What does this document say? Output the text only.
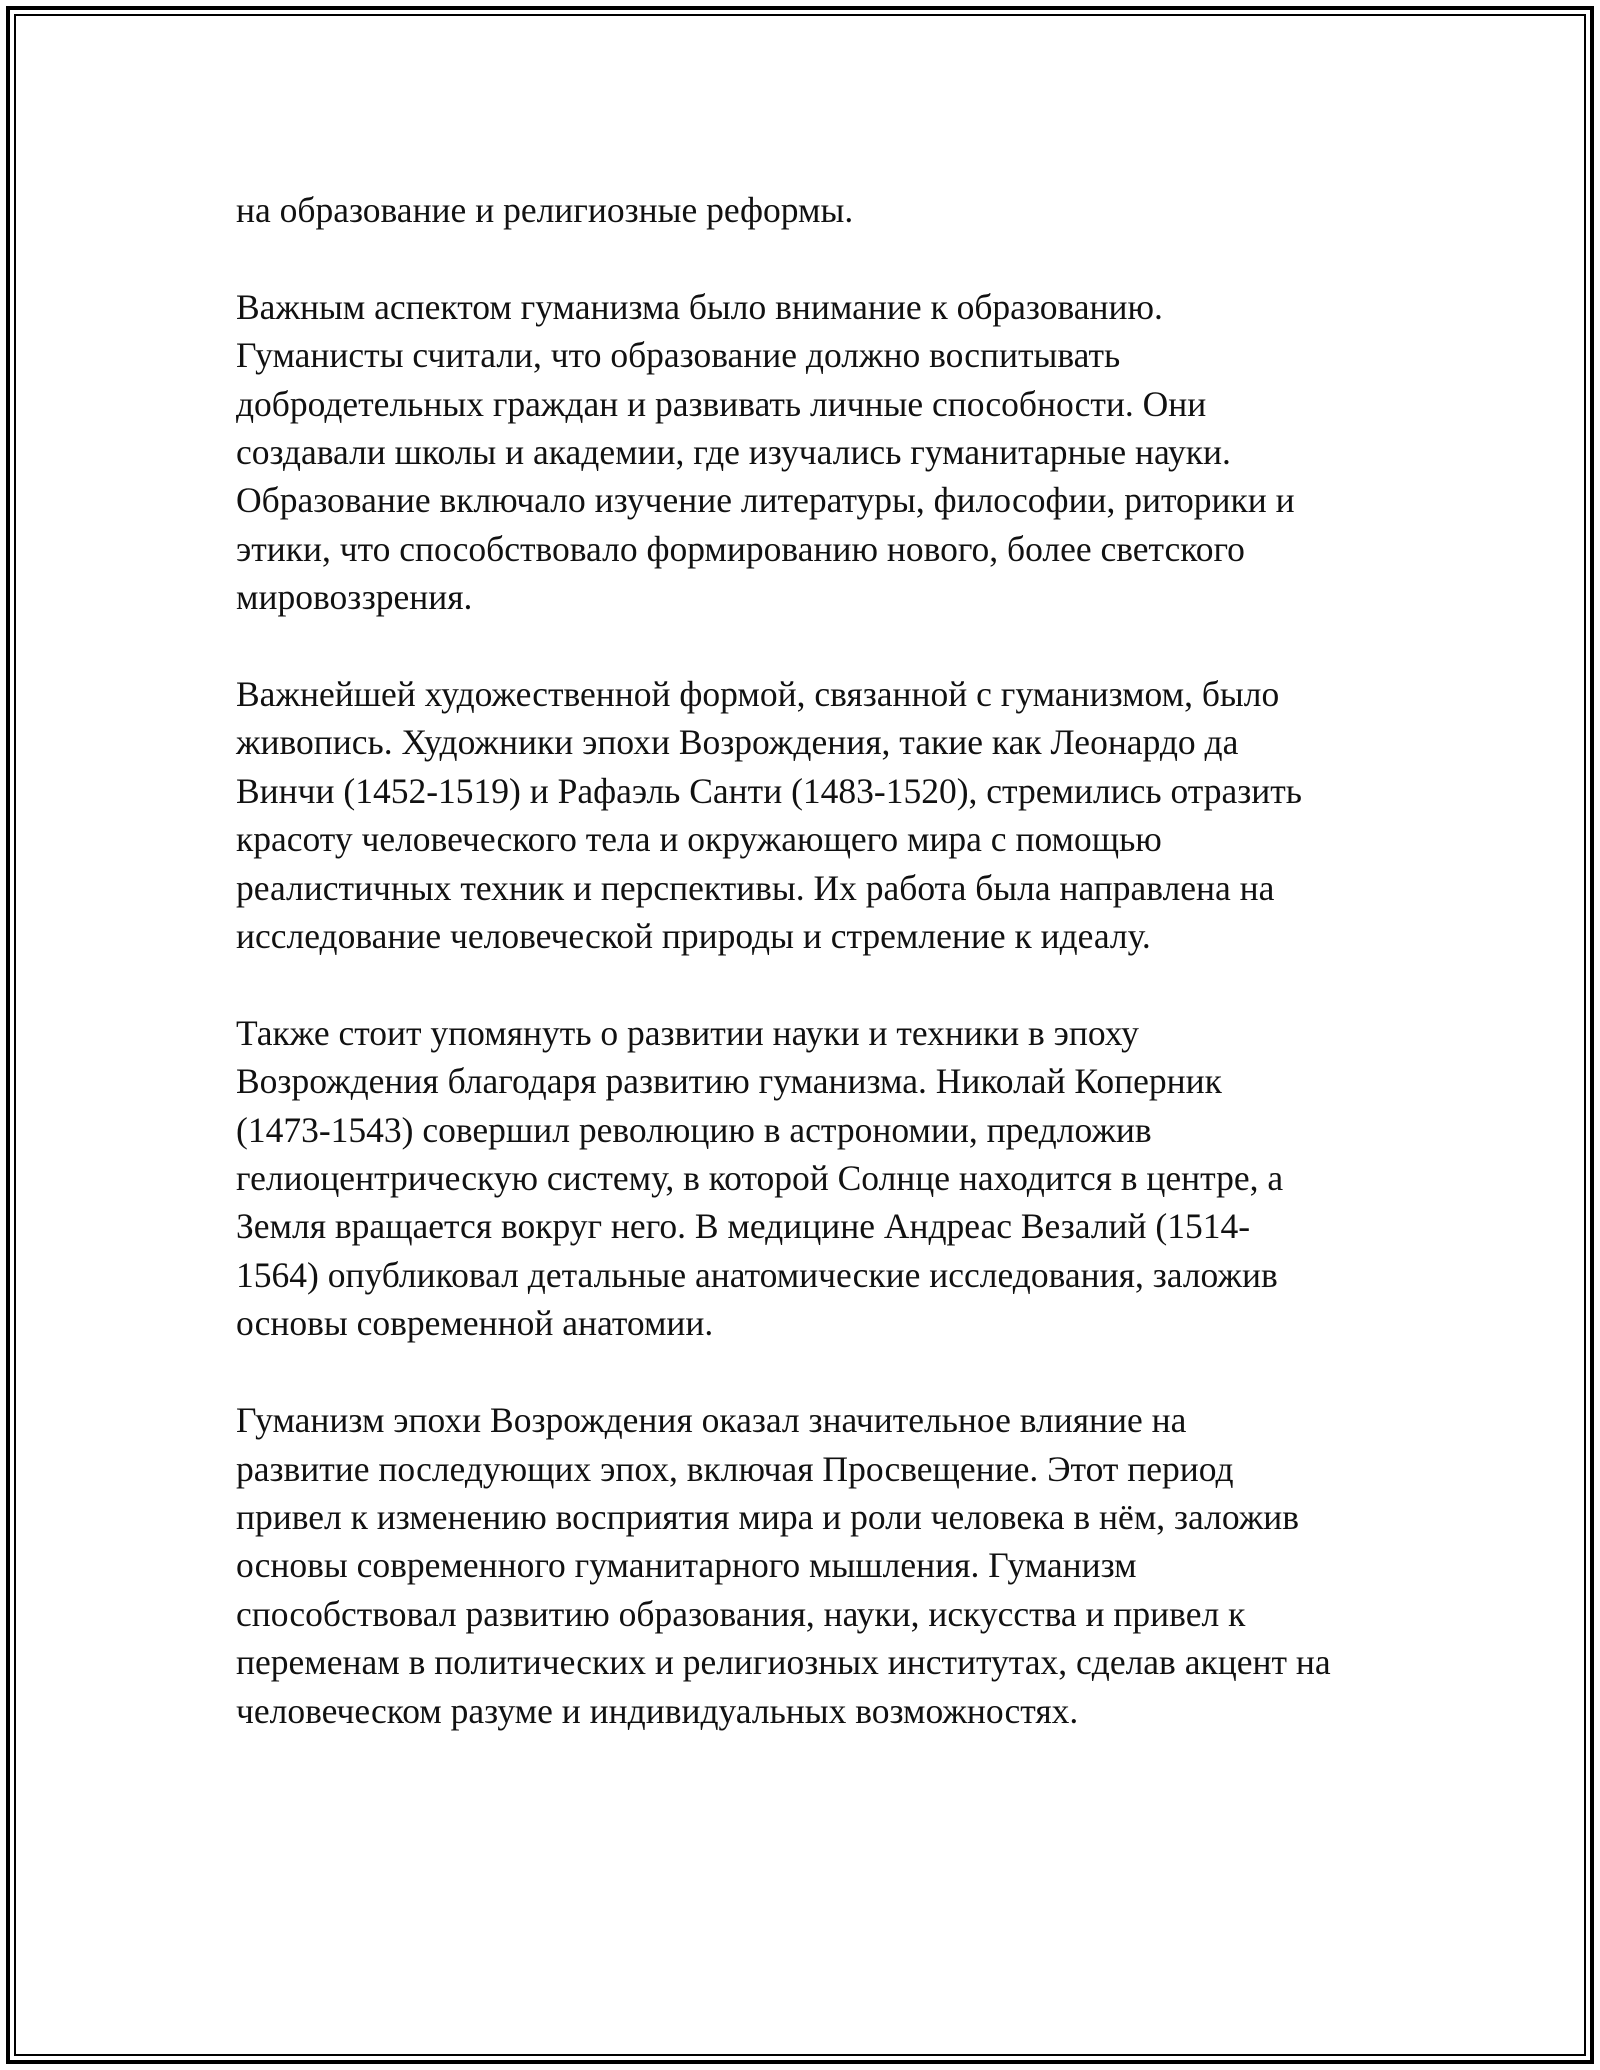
на образование и религиозные реформы.

Важным аспектом гуманизма было внимание к образованию.
Гуманисты считали, что образование должно воспитывать
добродетельных граждан и развивать личные способности. Они
создавали школы и академии, где изучались гуманитарные науки.
Образование включало изучение литературы, философии, риторики и
этики, что способствовало формированию нового, более светского
мировоззрения.

Важнейшей художественной формой, связанной с гуманизмом, было
живопись. Художники эпохи Возрождения, такие как Леонардо да
Винчи (1452-1519) и Рафаэль Санти (1483-1520), стремились отразить
красоту человеческого тела и окружающего мира с помощью
реалистичных техник и перспективы. Их работа была направлена на
исследование человеческой природы и стремление к идеалу.

Также стоит упомянуть о развитии науки и техники в эпоху
Возрождения благодаря развитию гуманизма. Николай Коперник
(1473-1543) совершил революцию в астрономии, предложив
гелиоцентрическую систему, в которой Солнце находится в центре, а
Земля вращается вокруг него. В медицине Андреас Везалий (1514-
1564) опубликовал детальные анатомические исследования, заложив
основы современной анатомии.

Гуманизм эпохи Возрождения оказал значительное влияние на
развитие последующих эпох, включая Просвещение. Этот период
привел к изменению восприятия мира и роли человека в нём, заложив
основы современного гуманитарного мышления. Гуманизм
способствовал развитию образования, науки, искусства и привел к
переменам в политических и религиозных институтах, сделав акцент на
человеческом разуме и индивидуальных возможностях.
